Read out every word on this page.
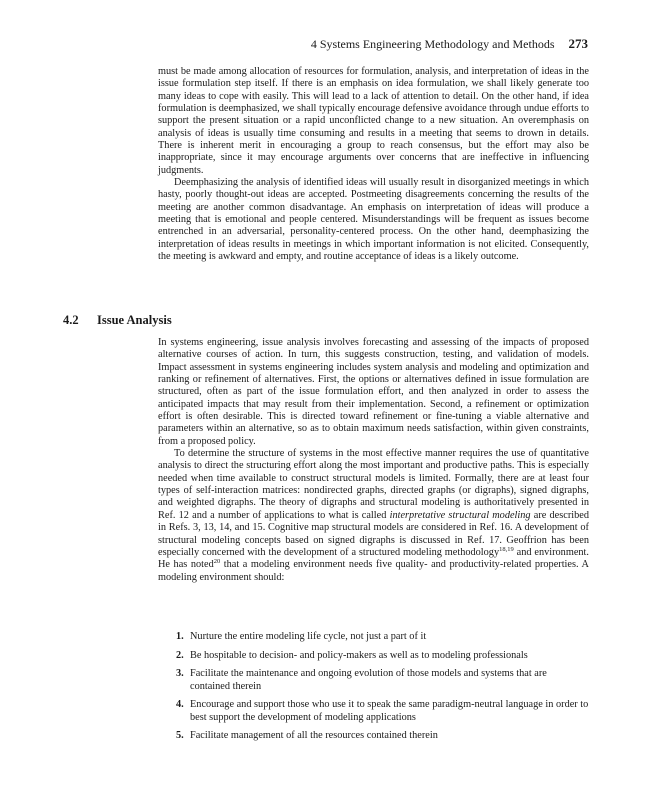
4 Systems Engineering Methodology and Methods 273

must be made among allocation of resources for formulation, analysis, and interpretation of ideas in the issue formulation step itself. If there is an emphasis on idea formulation, we shall likely generate too many ideas to cope with easily. This will lead to a lack of attention to detail. On the other hand, if idea formulation is deemphasized, we shall typically encourage defensive avoidance through undue efforts to support the present situation or a rapid unconflicted change to a new situation. An overemphasis on analysis of ideas is usually time consuming and results in a meeting that seems to drown in details. There is inherent merit in encouraging a group to reach consensus, but the effort may also be inappropriate, since it may encourage arguments over concerns that are ineffective in influencing judgments.

Deemphasizing the analysis of identified ideas will usually result in disorganized meetings in which hasty, poorly thought-out ideas are accepted. Postmeeting disagreements concerning the results of the meeting are another common disadvantage. An emphasis on interpretation of ideas will produce a meeting that is emotional and people centered. Misunderstandings will be frequent as issues become entrenched in an adversarial, personality-centered process. On the other hand, deemphasizing the interpretation of ideas results in meetings in which important information is not elicited. Consequently, the meeting is awkward and empty, and routine acceptance of ideas is a likely outcome.

4.2 Issue Analysis

In systems engineering, issue analysis involves forecasting and assessing of the impacts of proposed alternative courses of action. In turn, this suggests construction, testing, and validation of models. Impact assessment in systems engineering includes system analysis and modeling and optimization and ranking or refinement of alternatives. First, the options or alternatives defined in issue formulation are structured, often as part of the issue formulation effort, and then analyzed in order to assess the anticipated impacts that may result from their implementation. Second, a refinement or optimization effort is often desirable. This is directed toward refinement or fine-tuning a viable alternative and parameters within an alternative, so as to obtain maximum needs satisfaction, within given constraints, from a proposed policy.

To determine the structure of systems in the most effective manner requires the use of quantitative analysis to direct the structuring effort along the most important and productive paths. This is especially needed when time available to construct structural models is limited. Formally, there are at least four types of self-interaction matrices: nondirected graphs, directed graphs (or digraphs), signed digraphs, and weighted digraphs. The theory of digraphs and structural modeling is authoritatively presented in Ref. 12 and a number of applications to what is called interpretative structural modeling are described in Refs. 3, 13, 14, and 15. Cognitive map structural models are considered in Ref. 16. A development of structural modeling concepts based on signed digraphs is discussed in Ref. 17. Geoffrion has been especially concerned with the development of a structured modeling methodology$^{18,19}$ and environment. He has noted$^{20}$ that a modeling environment needs five quality- and productivity-related properties. A modeling environment should:

1. Nurture the entire modeling life cycle, not just a part of it
2. Be hospitable to decision- and policy-makers as well as to modeling professionals
3. Facilitate the maintenance and ongoing evolution of those models and systems that are contained therein
4. Encourage and support those who use it to speak the same paradigm-neutral language in order to best support the development of modeling applications
5. Facilitate management of all the resources contained therein
